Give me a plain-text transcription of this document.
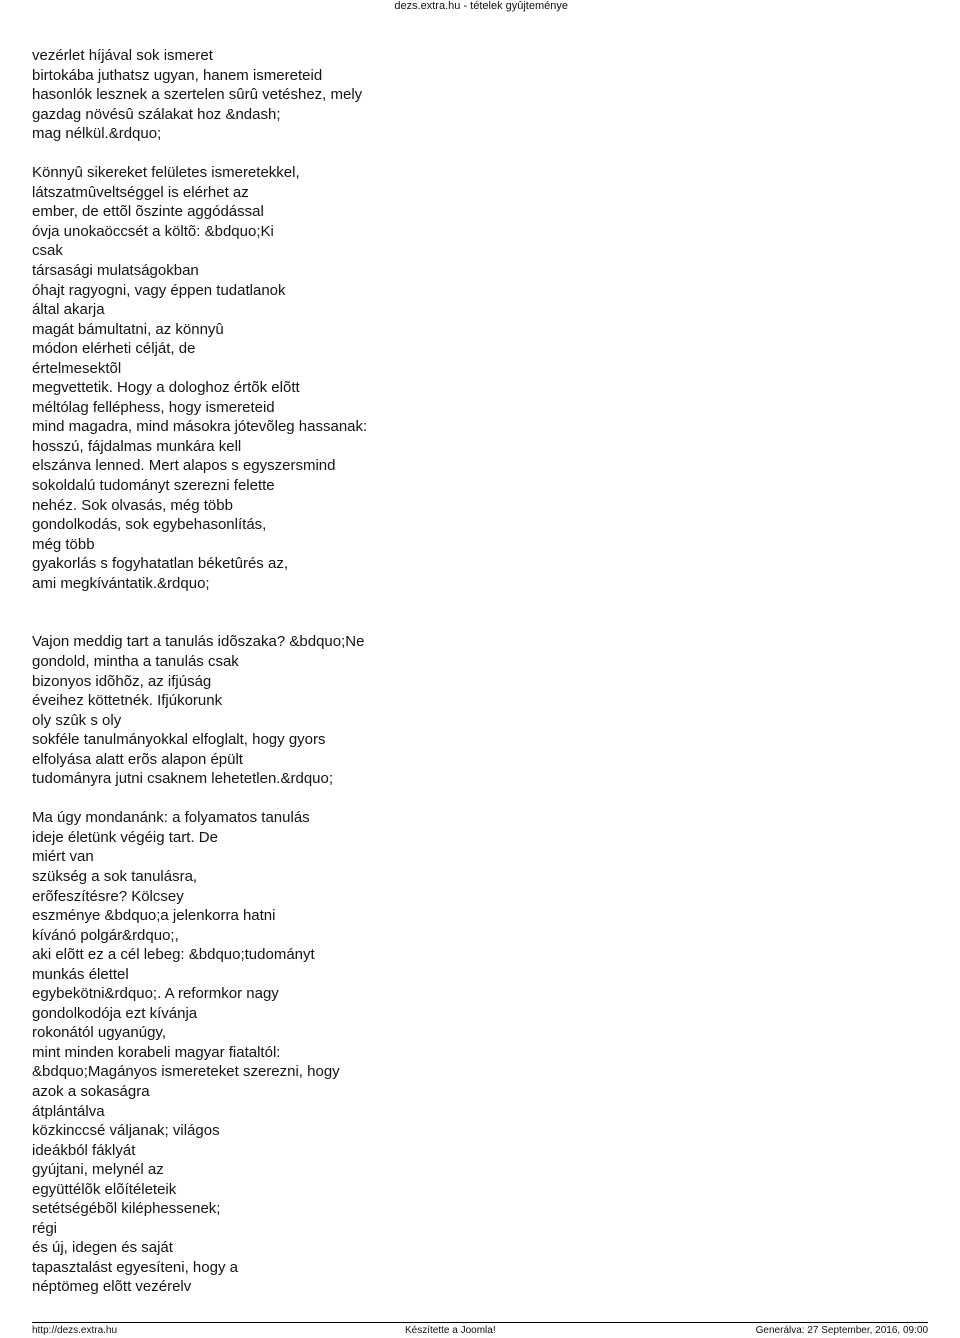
dezs.extra.hu - tételek gyûjteménye
vezérlet híjával sok ismeret
birtokába juthatsz ugyan, hanem ismereteid
hasonlók lesznek a szertelen sûrû vetéshez, mely
gazdag növésû szálakat hoz &ndash;
mag nélkül.&rdquo;
Könnyû sikereket felületes ismeretekkel,
látszatmûveltséggel is elérhet az
ember, de ettõl õszinte aggódással
óvja unokaöccsét a költõ: &bdquo;Ki
csak
társasági mulatságokban
óhajt ragyogni, vagy éppen tudatlanok
által akarja
magát bámultatni, az könnyû
módon elérheti célját, de
értelmesektõl
megvettetik. Hogy a dologhoz értõk elõtt
méltólag felléphess, hogy ismereteid
mind magadra, mind másokra jótevõleg hassanak:
hosszú, fájdalmas munkára kell
elszánva lenned. Mert alapos s egyszersmind
sokoldalú tudományt szerezni felette
nehéz. Sok olvasás, még több
gondolkodás, sok egybehasonlítás,
még több
gyakorlás s fogyhatatlan béketûrés az,
ami megkívántatik.&rdquo;
Vajon meddig tart a tanulás idõszaka? &bdquo;Ne
gondold, mintha a tanulás csak
bizonyos idõhõz, az ifjúság
éveihez köttetnék. Ifjúkorunk
oly szûk s oly
sokféle tanulmányokkal elfoglalt, hogy gyors
elfolyása alatt erõs alapon épült
tudományra jutni csaknem lehetetlen.&rdquo;
Ma úgy mondanánk: a folyamatos tanulás
ideje életünk végéig tart. De
miért van
szükség a sok tanulásra,
erõfeszítésre? Kölcsey
eszménye &bdquo;a jelenkorra hatni
kívánó polgár&rdquo;,
aki elõtt ez a cél lebeg: &bdquo;tudományt
munkás élettel
egybekötni&rdquo;. A reformkor nagy
gondolkodója ezt kívánja
rokonától ugyanúgy,
mint minden korabeli magyar fiataltól:
&bdquo;Magányos ismereteket szerezni, hogy
azok a sokaságra
átplántálva
közkinccsé váljanak; világos
ideákból fáklyát
gyújtani, melynél az
együttélõk elõítéleteik
setétségébõl kiléphessenek;
régi
és új, idegen és saját
tapasztalást egyesíteni, hogy a
néptömeg elõtt vezérelv
http://dezs.extra.hu	Készítette a Joomla!	Generálva: 27 September, 2016, 09:00
